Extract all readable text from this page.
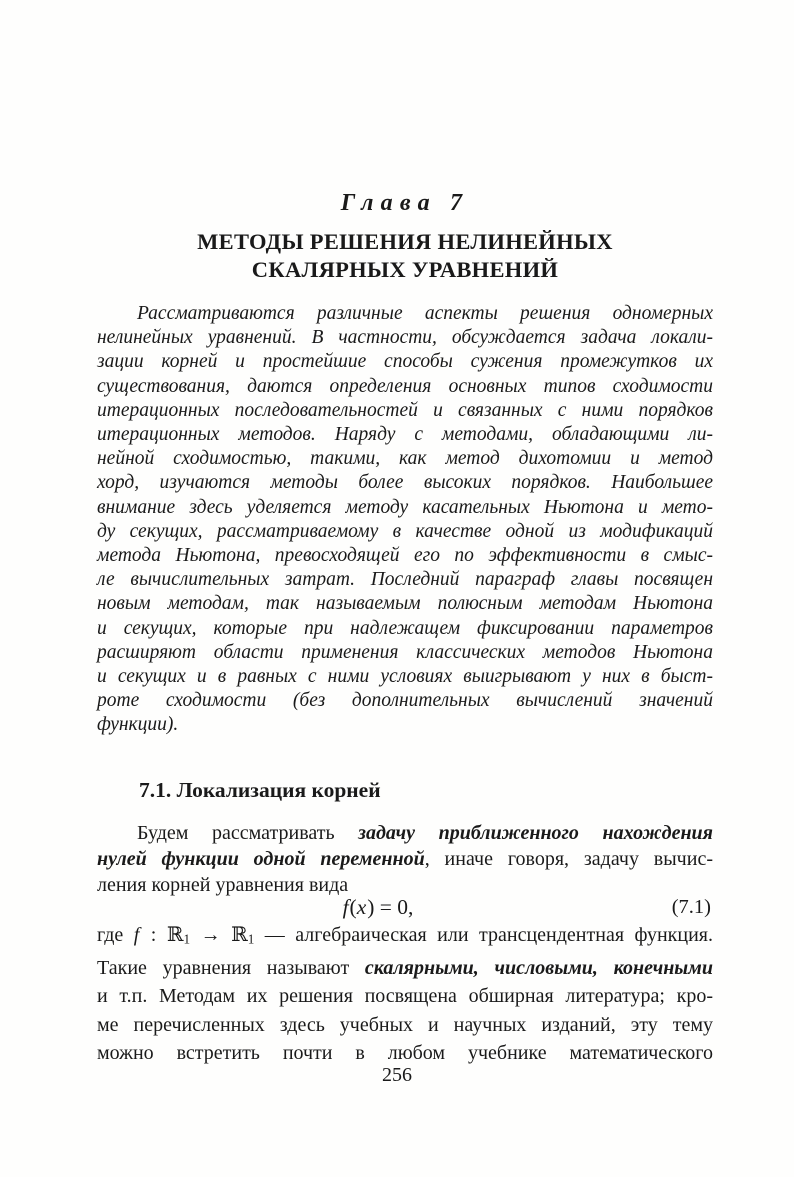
Глава 7
МЕТОДЫ РЕШЕНИЯ НЕЛИНЕЙНЫХ
СКАЛЯРНЫХ УРАВНЕНИЙ
Рассматриваются различные аспекты решения одномерных
нелинейных уравнений. В частности, обсуждается задача локали-
зации корней и простейшие способы сужения промежутков их
существования, даются определения основных типов сходимости
итерационных последовательностей и связанных с ними порядков
итерационных методов. Наряду с методами, обладающими ли-
нейной сходимостью, такими, как метод дихотомии и метод
хорд, изучаются методы более высоких порядков. Наибольшее
внимание здесь уделяется методу касательных Ньютона и мето-
ду секущих, рассматриваемому в качестве одной из модификаций
метода Ньютона, превосходящей его по эффективности в смыс-
ле вычислительных затрат. Последний параграф главы посвящен
новым методам, так называемым полюсным методам Ньютона
и секущих, которые при надлежащем фиксировании параметров
расширяют области применения классических методов Ньютона
и секущих и в равных с ними условиях выигрывают у них в быст-
роте сходимости (без дополнительных вычислений значений
функции).
7.1. Локализация корней
Будем рассматривать задачу приближенного нахождения
нулей функции одной переменной, иначе говоря, задачу вычис-
ления корней уравнения вида
f(x) = 0,	(7.1)
где f : ℝ1 → ℝ1 — алгебраическая или трансцендентная функция.
Такие уравнения называют скалярными, числовыми, конечными
и т.п. Методам их решения посвящена обширная литература; кро-
ме перечисленных здесь учебных и научных изданий, эту тему
можно встретить почти в любом учебнике математического
256
